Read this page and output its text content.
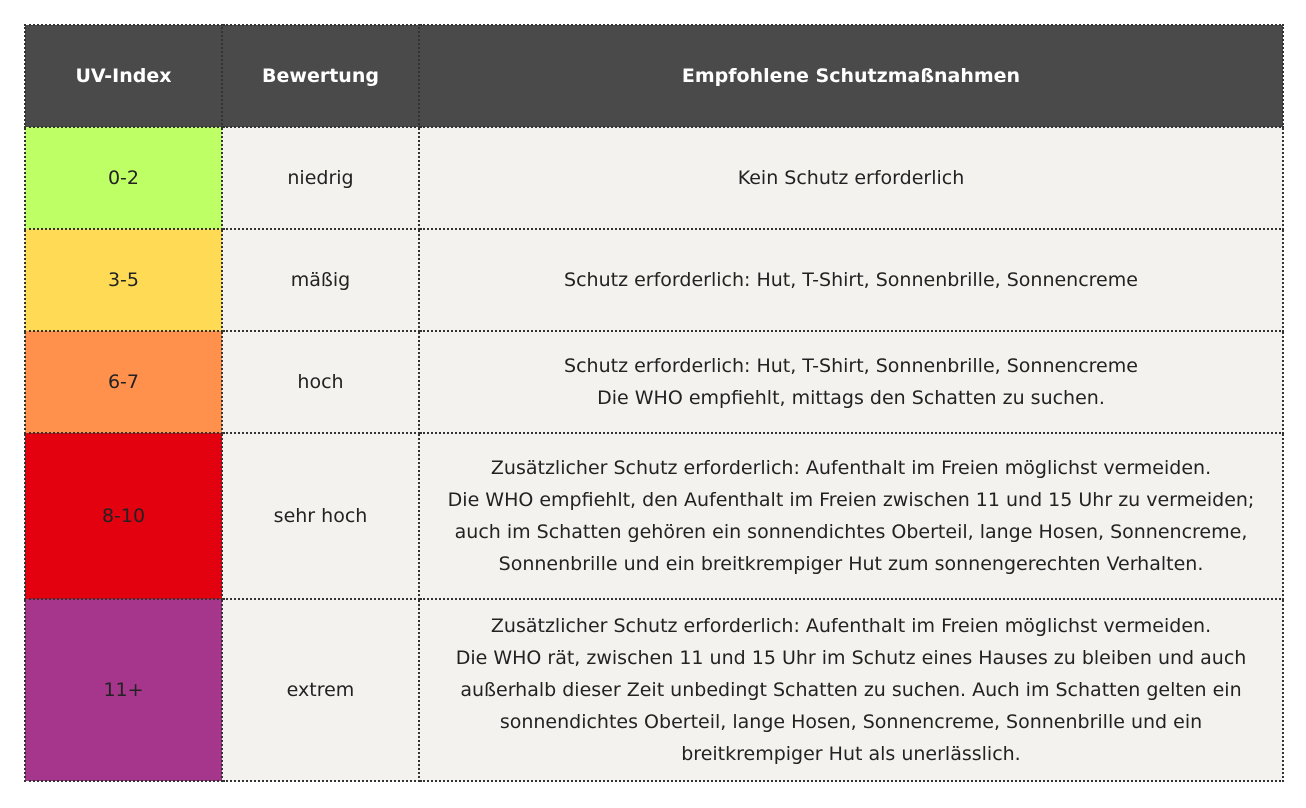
UV-Index	Bewertung	Empfohlene Schutzmaßnahmen
0-2	niedrig	Kein Schutz erforderlich

3-5	mäßig	Schutz erforderlich: Hut, T-Shirt, Sonnenbrille, Sonnencreme

6-7	hoch	Schutz erforderlich: Hut, T-Shirt, Sonnenbrille, Sonnencreme
Die WHO empfiehlt, mittags den Schatten zu suchen.

8-10	sehr hoch	Zusätzlicher Schutz erforderlich: Aufenthalt im Freien möglichst vermeiden.
Die WHO empfiehlt, den Aufenthalt im Freien zwischen 11 und 15 Uhr zu vermeiden;
auch im Schatten gehören ein sonnendichtes Oberteil, lange Hosen, Sonnencreme,
Sonnenbrille und ein breitkrempiger Hut zum sonnengerechten Verhalten.

11+	extrem	Zusätzlicher Schutz erforderlich: Aufenthalt im Freien möglichst vermeiden.
Die WHO rät, zwischen 11 und 15 Uhr im Schutz eines Hauses zu bleiben und auch
außerhalb dieser Zeit unbedingt Schatten zu suchen. Auch im Schatten gelten ein
sonnendichtes Oberteil, lange Hosen, Sonnencreme, Sonnenbrille und ein
breitkrempiger Hut als unerlässlich.
